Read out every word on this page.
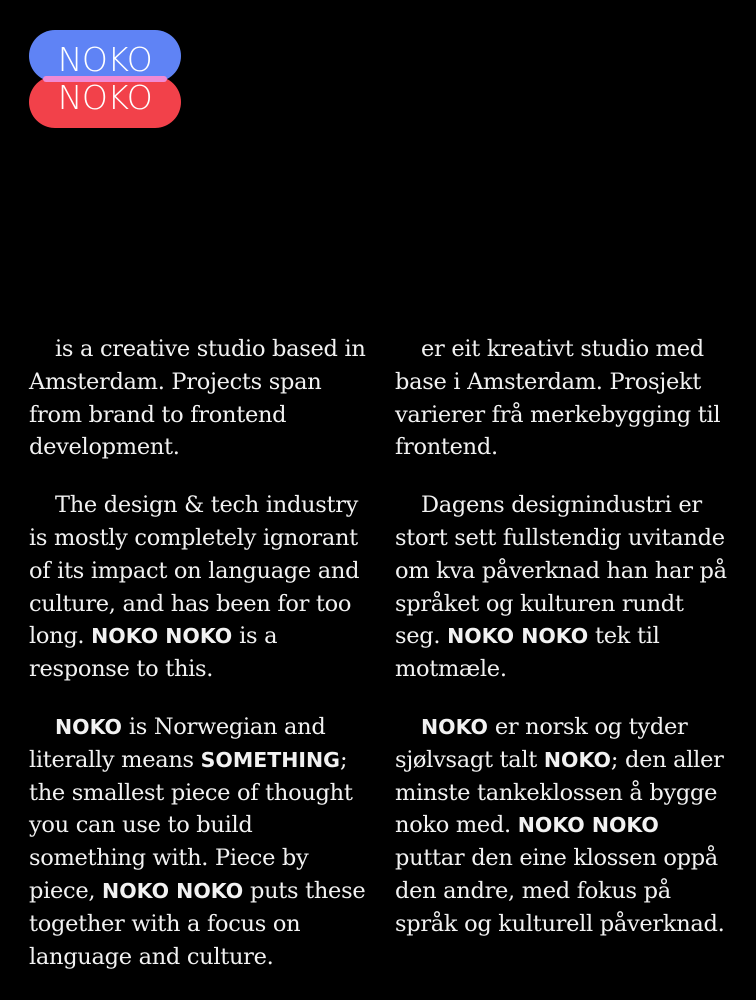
NOKO
NOKO

is a creative studio based in Amsterdam. Projects span from brand to frontend development.

The design & tech industry is mostly completely ignorant of its impact on language and culture, and has been for too long. NOKO NOKO is a response to this.

NOKO is Norwegian and literally means SOMETHING; the smallest piece of thought you can use to build something with. Piece by piece, NOKO NOKO puts these together with a focus on language and culture.

er eit kreativt studio med base i Amsterdam. Prosjekt varierer frå merkebygging til frontend.

Dagens designindustri er stort sett fullstendig uvitande om kva påverknad han har på språket og kulturen rundt seg. NOKO NOKO tek til motmæle.

NOKO er norsk og tyder sjølvsagt talt NOKO; den aller minste tankeklossen å bygge noko med. NOKO NOKO puttar den eine klossen oppå den andre, med fokus på språk og kulturell påverknad.
